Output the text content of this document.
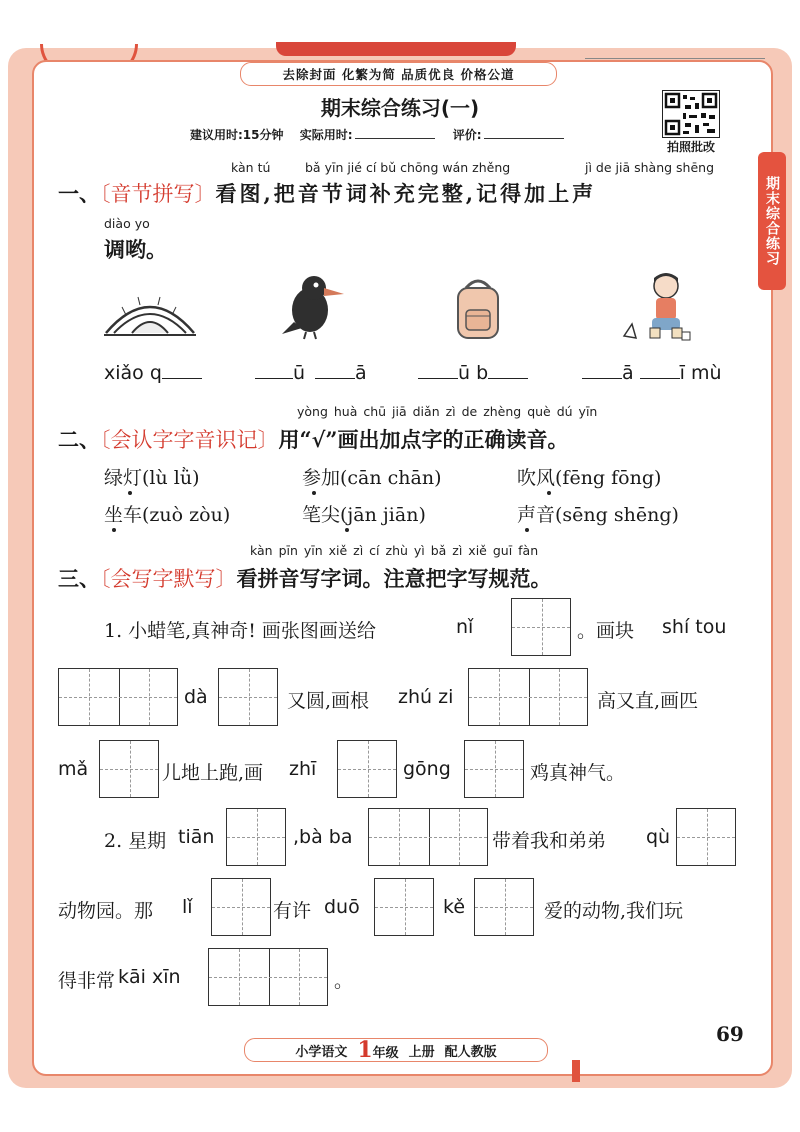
去除封面 化繁为简 品质优良 价格公道
期末综合练习(一)
建议用时:15分钟 实际用时:	评价:
拍照批改
期末综合练习
kàn tú	bǎ yīn jié cí bǔ chōng wán zhěng	jì de jiā shàng shēng
一、〔音节拼写〕看图,把音节词补充完整,记得加上声
diào yo
调哟。
xiǎo q	ū	ā	ū b	ā ī mù
yòng huà chū jiā diǎn zì de zhèng què dú yīn
二、〔会认字字音识记〕用“√”画出加点字的正确读音。
绿灯(lù lǜ)	参加(cān chān)	吹风(fēng fōng)
坐车(zuò zòu)	笔尖(jān jiān)	声音(sēng shēng)
kàn pīn yīn xiě zì cí zhù yì bǎ zì xiě guī fàn
三、〔会写字默写〕看拼音写字词。注意把字写规范。
1. 小蜡笔,真神奇! 画张图画送给	nǐ	。画块 shí tou
dà	又圆,画根 zhú zi	高又直,画匹
mǎ	儿地上跑,画 zhī	gōng	鸡真神气。
2. 星期 tiān	,bà ba	带着我和弟弟 qù
动物园。那 lǐ	有许 duō	kě	爱的动物,我们玩
得非常 kāi xīn	。
小学语文 1年级 上册 配人教版
69
